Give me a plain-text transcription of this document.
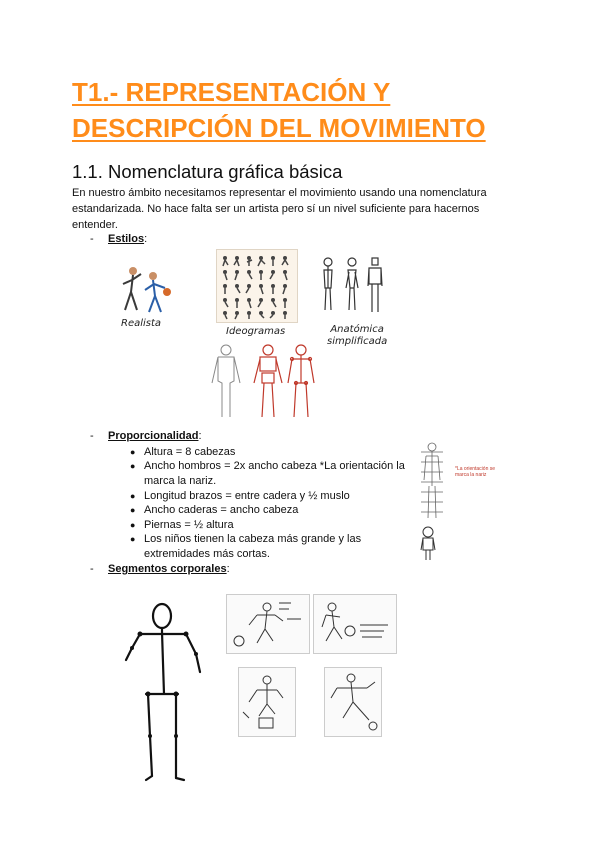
T1.- REPRESENTACIÓN Y
DESCRIPCIÓN DEL MOVIMIENTO
1.1. Nomenclatura gráfica básica
En nuestro ámbito necesitamos representar el movimiento usando una nomenclatura
estandarizada. No hace falta ser un artista pero sí un nivel suficiente para hacernos
entender.
- Estilos:
Realista
Ideogramas	Anatómica
simplificada
- Proporcionalidad:
● Altura = 8 cabezas
● Ancho hombros = 2x ancho cabeza *La orientación la
marca la nariz.
● Longitud brazos = entre cadera y ½ muslo
● Ancho caderas = ancho cabeza
● Piernas = ½ altura
● Los niños tienen la cabeza más grande y las
extremidades más cortas.
*La orientación se
marca la nariz
- Segmentos corporales:
